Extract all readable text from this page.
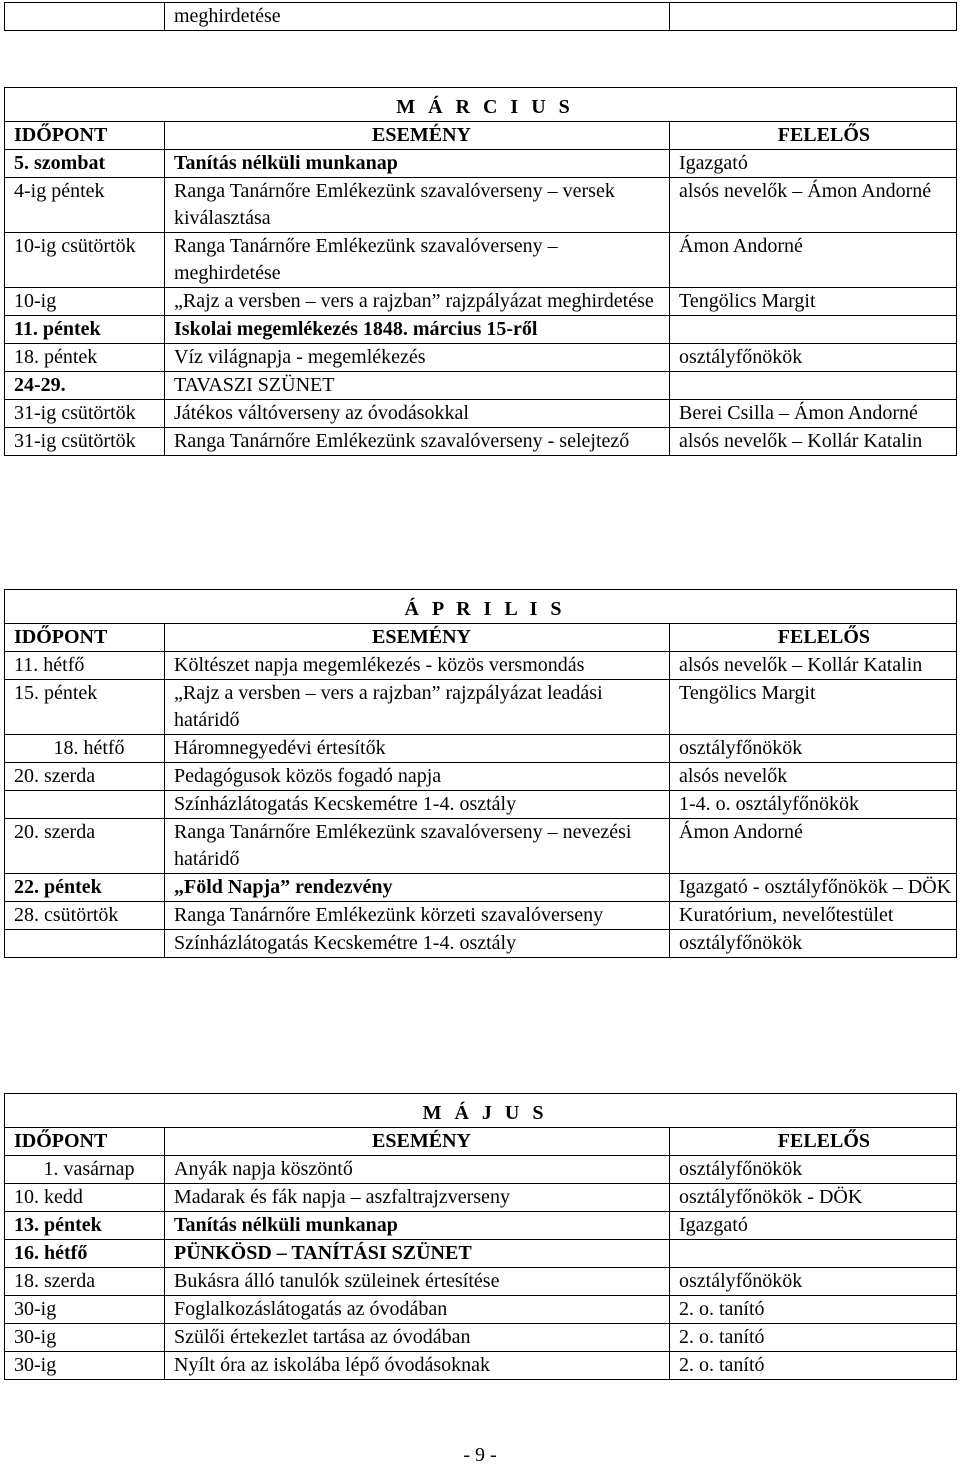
	meghirdetése	
M Á R C I U S		
IDŐPONT	ESEMÉNY	FELELŐS
5. szombat	Tanítás nélküli munkanap	Igazgató
4-ig péntek	Ranga Tanárnőre Emlékezünk szavalóverseny – versek kiválasztása	alsós nevelők – Ámon Andorné
10-ig csütörtök	Ranga Tanárnőre Emlékezünk szavalóverseny – meghirdetése	Ámon Andorné
10-ig	„Rajz a versben – vers a rajzban” rajzpályázat meghirdetése	Tengölics Margit
11. péntek	Iskolai megemlékezés 1848. március 15-ről	
18. péntek	Víz világnapja - megemlékezés	osztályfőnökök
24-29.	TAVASZI SZÜNET	
31-ig csütörtök	Játékos váltóverseny az óvodásokkal	Berei Csilla – Ámon Andorné
31-ig csütörtök	Ranga Tanárnőre Emlékezünk szavalóverseny - selejtező	alsós nevelők – Kollár Katalin
Á P R I L I S		
IDŐPONT	ESEMÉNY	FELELŐS
11. hétfő	Költészet napja megemlékezés - közös versmondás	alsós nevelők – Kollár Katalin
15. péntek	„Rajz a versben – vers a rajzban” rajzpályázat leadási határidő	Tengölics Margit
18. hétfő	Háromnegyedévi értesítők	osztályfőnökök
20. szerda	Pedagógusok közös fogadó napja	alsós nevelők
	Színházlátogatás Kecskemétre 1-4. osztály	1-4. o. osztályfőnökök
20. szerda	Ranga Tanárnőre Emlékezünk szavalóverseny – nevezési határidő	Ámon Andorné
22. péntek	„Föld Napja” rendezvény	Igazgató - osztályfőnökök – DÖK
28. csütörtök	Ranga Tanárnőre Emlékezünk körzeti szavalóverseny	Kuratórium, nevelőtestület
	Színházlátogatás Kecskemétre 1-4. osztály	osztályfőnökök
M Á J U S		
IDŐPONT	ESEMÉNY	FELELŐS
1. vasárnap	Anyák napja köszöntő	osztályfőnökök
10. kedd	Madarak és fák napja – aszfaltrajzverseny	osztályfőnökök - DÖK
13. péntek	Tanítás nélküli munkanap	Igazgató
16. hétfő	PÜNKÖSD – TANÍTÁSI SZÜNET	
18. szerda	Bukásra álló tanulók szüleinek értesítése	osztályfőnökök
30-ig	Foglalkozáslátogatás az óvodában	2. o. tanító
30-ig	Szülői értekezlet tartása az óvodában	2. o. tanító
30-ig	Nyílt óra az iskolába lépő óvodásoknak	2. o. tanító
- 9 -
